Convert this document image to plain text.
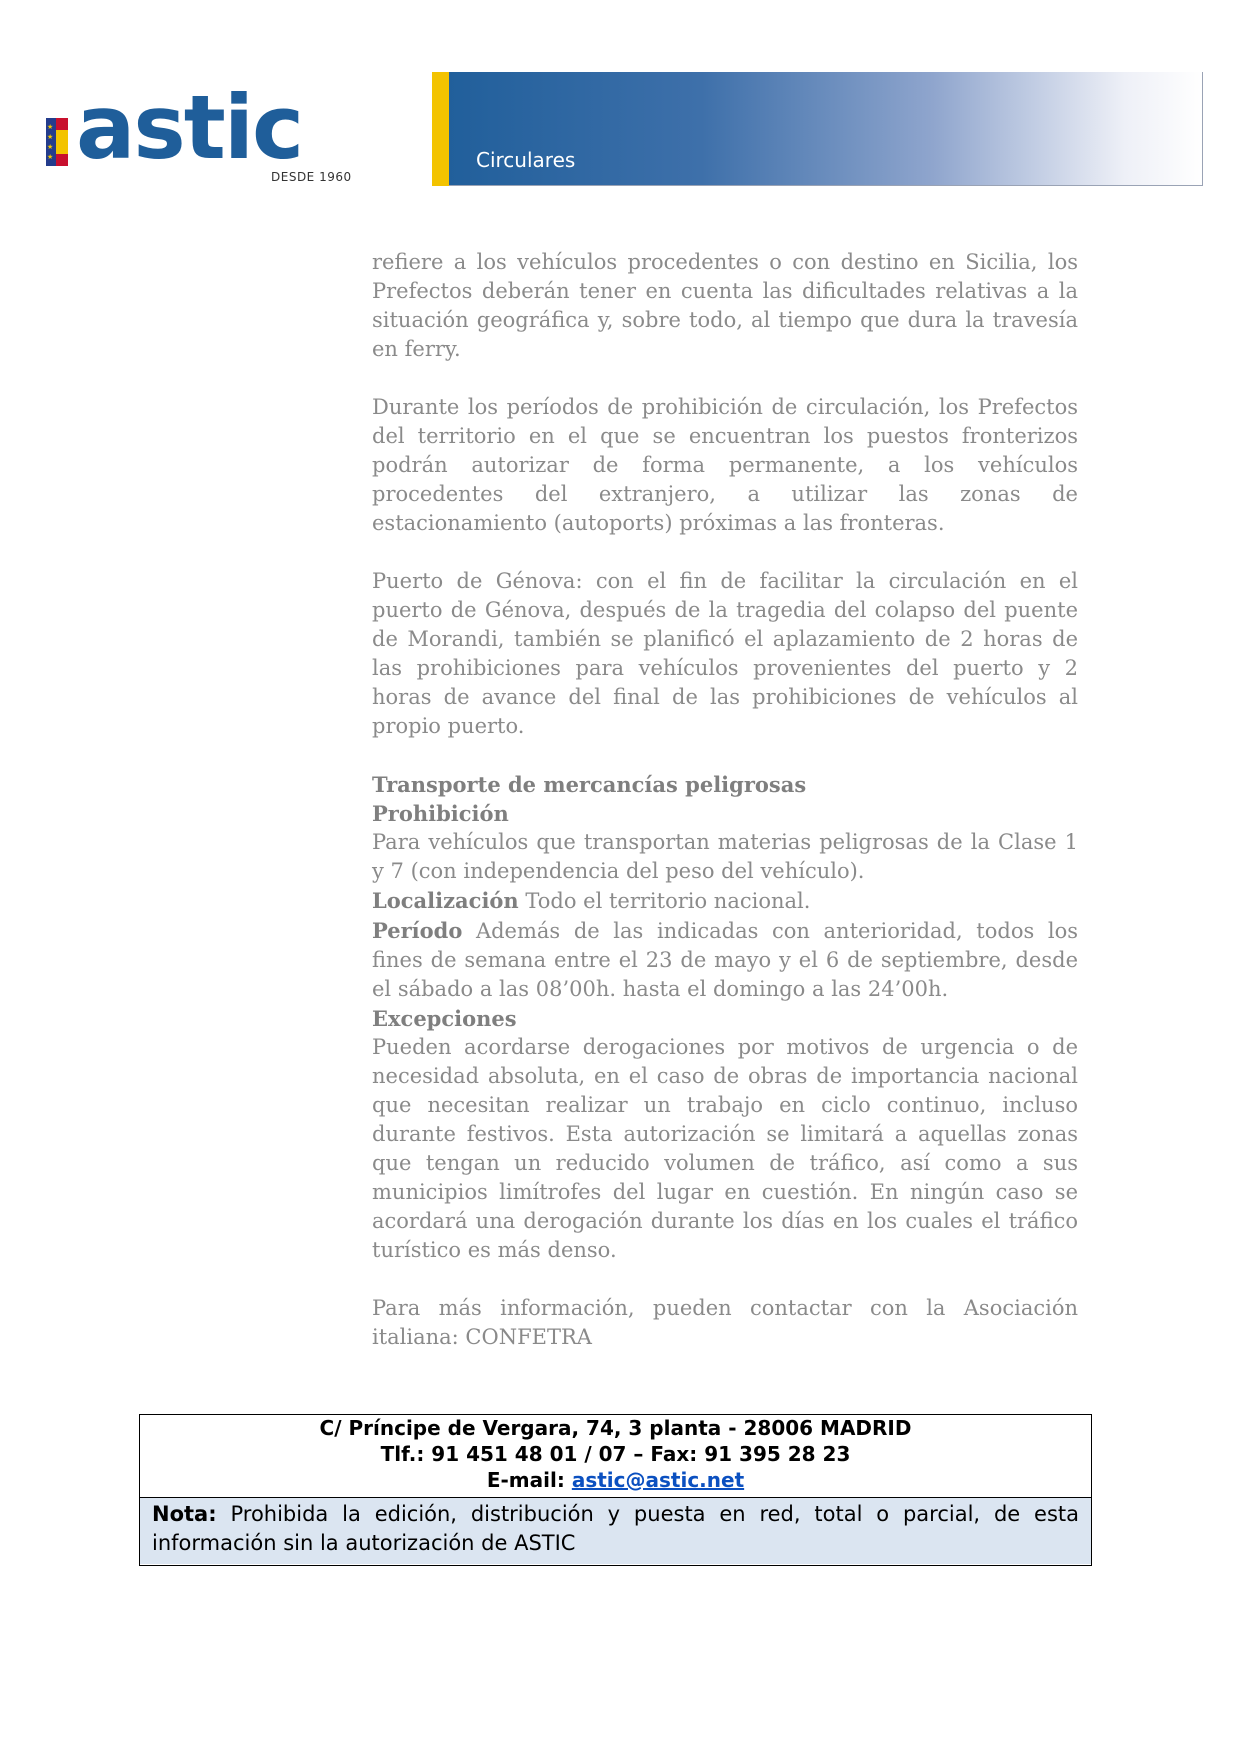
★
★
★
★ astic
DESDE 1960
Circulares

refiere a los vehículos procedentes o con destino en Sicilia, los Prefectos deberán tener en cuenta las dificultades relativas a la situación geográfica y, sobre todo, al tiempo que dura la travesía en ferry.

Durante los períodos de prohibición de circulación, los Prefectos del territorio en el que se encuentran los puestos fronterizos podrán autorizar de forma permanente, a los vehículos procedentes del extranjero, a utilizar las zonas de estacionamiento (autoports) próximas a las fronteras.

Puerto de Génova: con el fin de facilitar la circulación en el puerto de Génova, después de la tragedia del colapso del puente de Morandi, también se planificó el aplazamiento de 2 horas de las prohibiciones para vehículos provenientes del puerto y 2 horas de avance del final de las prohibiciones de vehículos al propio puerto.

Transporte de mercancías peligrosas

Prohibición

Para vehículos que transportan materias peligrosas de la Clase 1 y 7 (con independencia del peso del vehículo).

Localización Todo el territorio nacional.

Período Además de las indicadas con anterioridad, todos los fines de semana entre el 23 de mayo y el 6 de septiembre, desde el sábado a las 08’00h. hasta el domingo a las 24’00h.

Excepciones

Pueden acordarse derogaciones por motivos de urgencia o de necesidad absoluta, en el caso de obras de importancia nacional que necesitan realizar un trabajo en ciclo continuo, incluso durante festivos. Esta autorización se limitará a aquellas zonas que tengan un reducido volumen de tráfico, así como a sus municipios limítrofes del lugar en cuestión. En ningún caso se acordará una derogación durante los días en los cuales el tráfico turístico es más denso.

Para más información, pueden contactar con la Asociación italiana: CONFETRA

C/ Príncipe de Vergara, 74, 3 planta - 28006 MADRID
Tlf.: 91 451 48 01 / 07 – Fax: 91 395 28 23
E-mail: astic@astic.net
Nota: Prohibida la edición, distribución y puesta en red, total o parcial, de esta información sin la autorización de ASTIC
